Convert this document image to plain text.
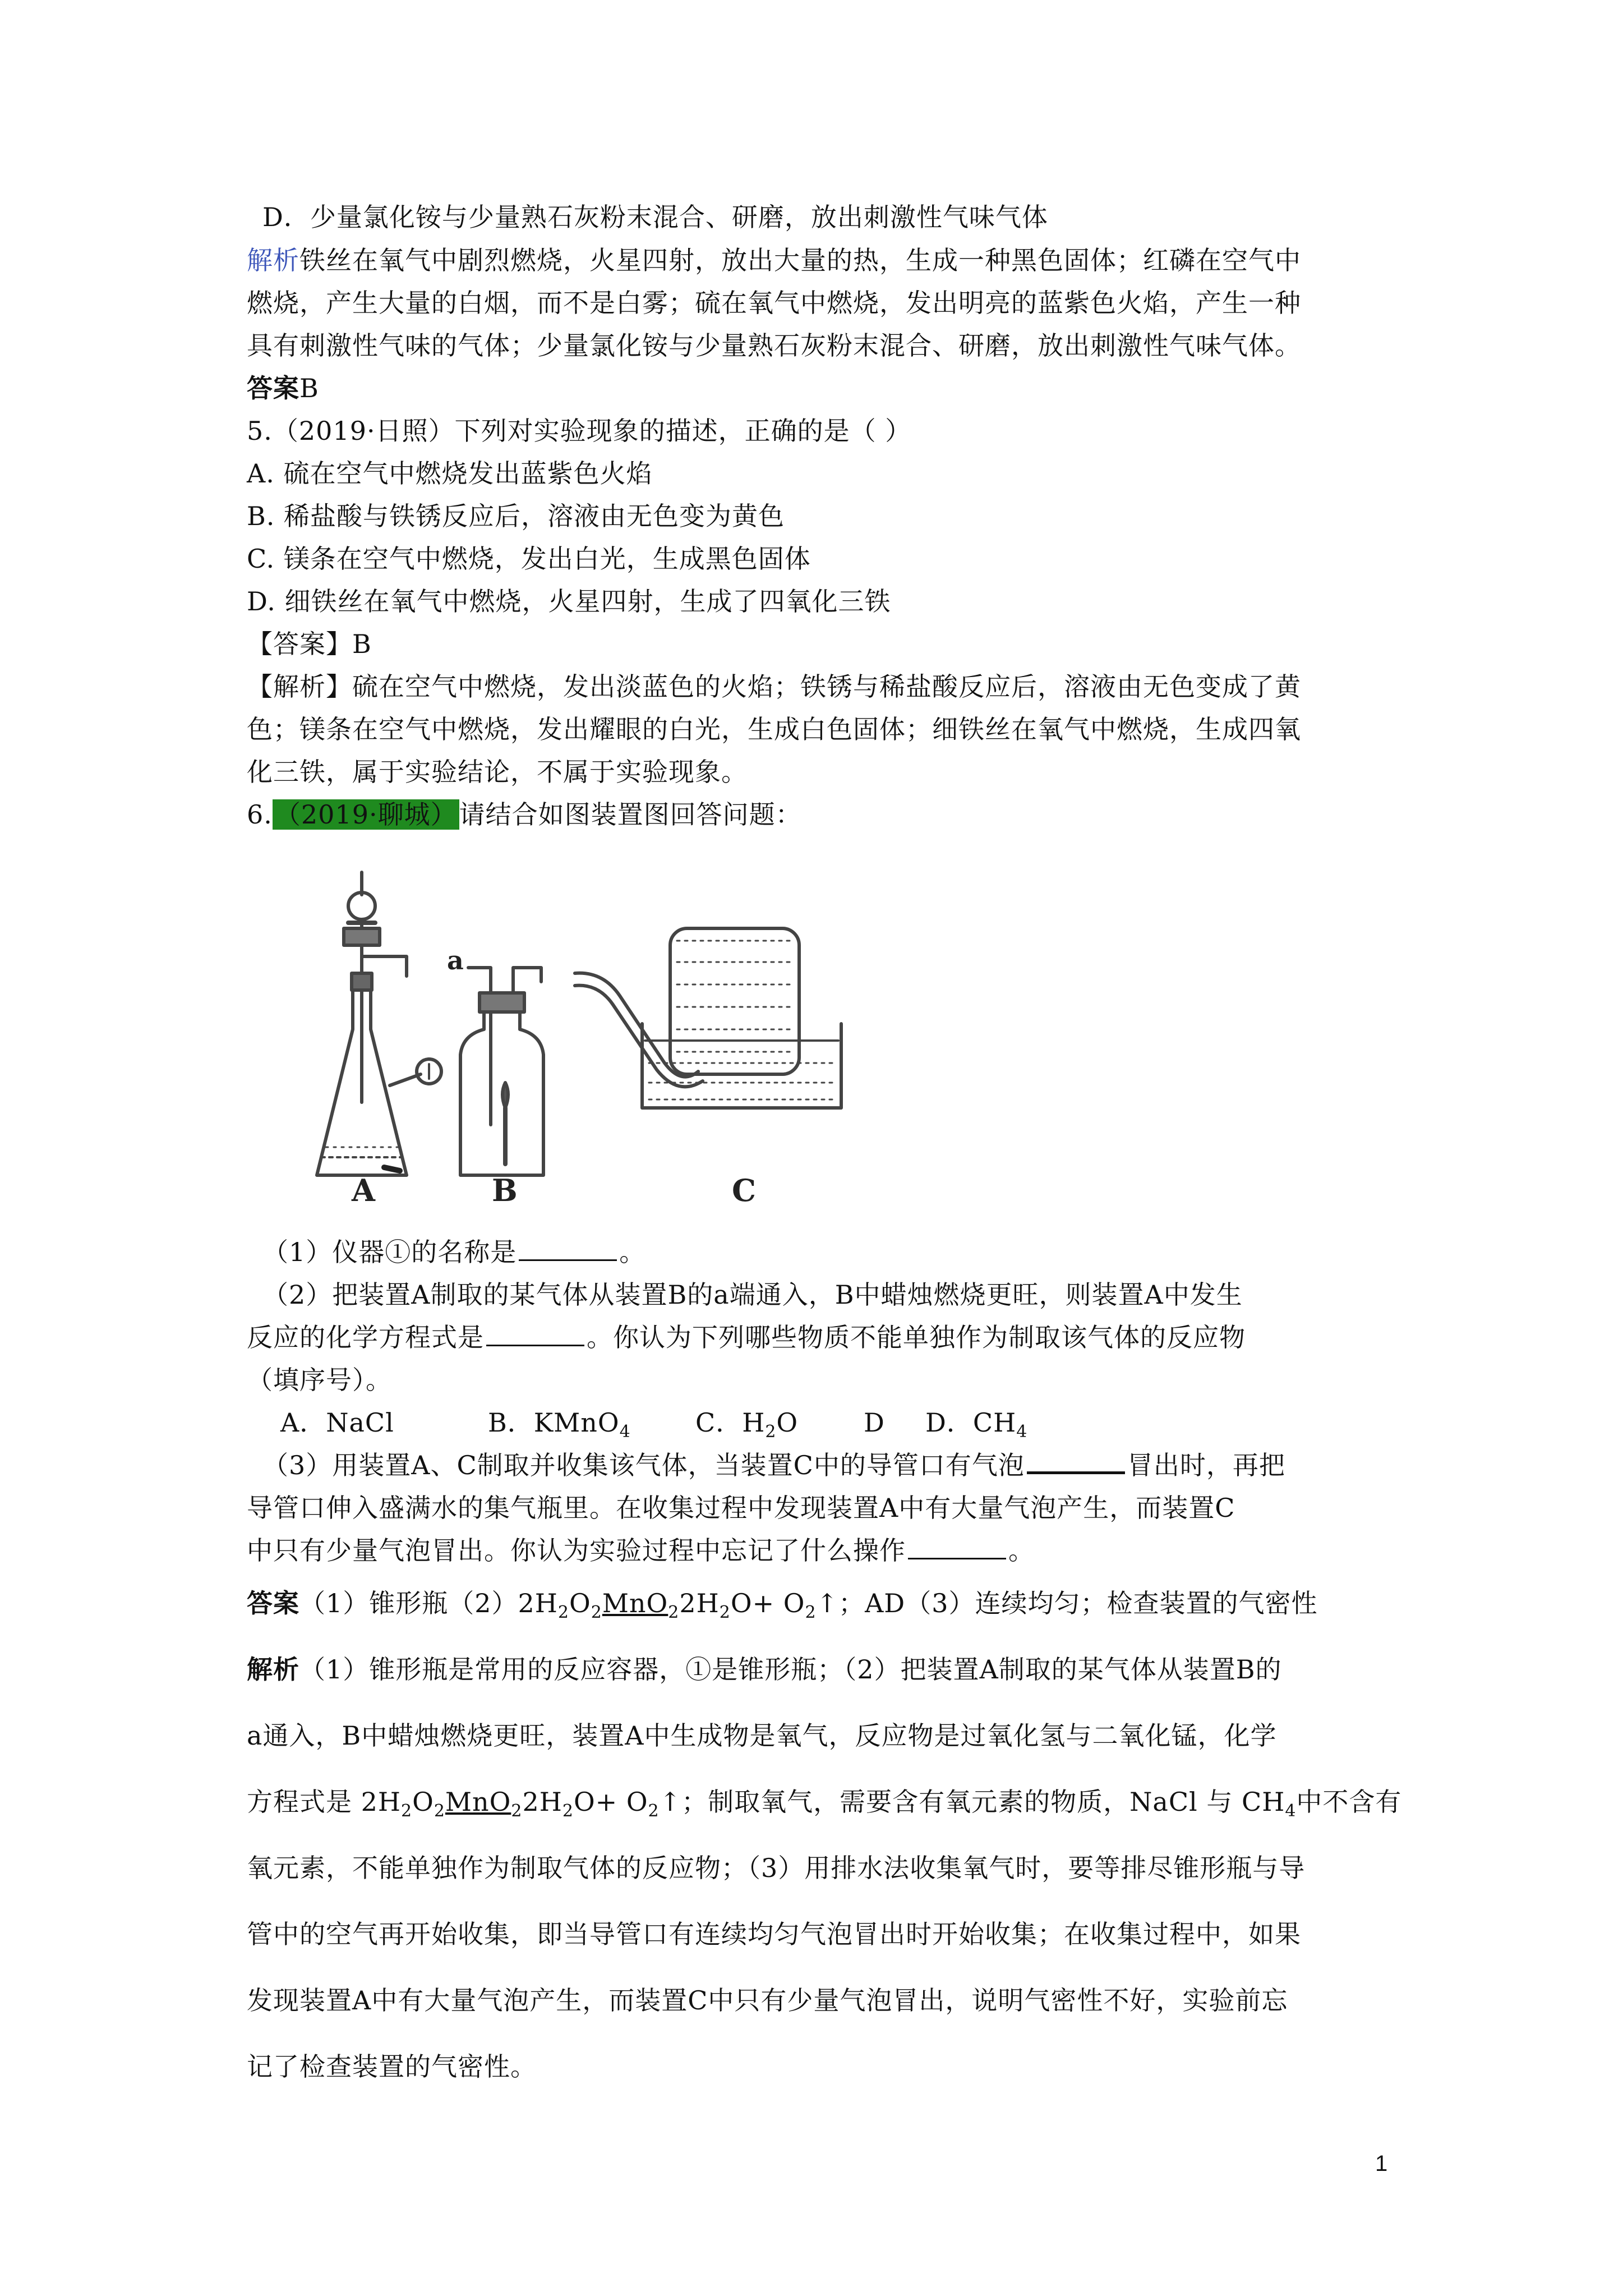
D．少量氯化铵与少量熟石灰粉末混合、研磨，放出刺激性气味气体
解析铁丝在氧气中剧烈燃烧，火星四射，放出大量的热，生成一种黑色固体；红磷在空气中
燃烧，产生大量的白烟，而不是白雾；硫在氧气中燃烧，发出明亮的蓝紫色火焰，产生一种
具有刺激性气味的气体；少量氯化铵与少量熟石灰粉末混合、研磨，放出刺激性气味气体。
答案B
5.（2019·日照）下列对实验现象的描述，正确的是（ ）
A. 硫在空气中燃烧发出蓝紫色火焰
B. 稀盐酸与铁锈反应后，溶液由无色变为黄色
C. 镁条在空气中燃烧，发出白光，生成黑色固体
D. 细铁丝在氧气中燃烧，火星四射，生成了四氧化三铁
【答案】B
【解析】硫在空气中燃烧，发出淡蓝色的火焰；铁锈与稀盐酸反应后，溶液由无色变成了黄
色；镁条在空气中燃烧，发出耀眼的白光，生成白色固体；细铁丝在氧气中燃烧，生成四氧
化三铁，属于实验结论，不属于实验现象。
6.（2019·聊城）请结合如图装置图回答问题：
A	B	C
a
（1）仪器①的名称是	。
（2）把装置A制取的某气体从装置B的a端通入，B中蜡烛燃烧更旺，则装置A中发生
反应的化学方程式是	。你认为下列哪些物质不能单独作为制取该气体的反应物
（填序号）。
A．NaCl	B．KMnO$_4$	C．$H_2O$	D D．$CH_4$
（3）用装置A、C制取并收集该气体，当装置C中的导管口有气泡	冒出时，再把
导管口伸入盛满水的集气瓶里。在收集过程中发现装置A中有大量气泡产生，而装置C
中只有少量气泡冒出。你认为实验过程中忘记了什么操作	。
答案（1）锥形瓶$(2)2H_2O_2MnO_22H_2O+$ $O_2↑$；AD（3）连续均匀；检查装置的气密性
解析（1）锥形瓶是常用的反应容器，①是锥形瓶；（2）把装置A制取的某气体从装置B的
a通入，B中蜡烛燃烧更旺，装置A中生成物是氧气，反应物是过氧化氢与二氧化锰，化学
方程式是 $2H_2O_2MnO_22H_2O+$ $O_2↑$；制取氧气，需要含有氧元素的物质，NaCl 与 $CH_4$中不含有
氧元素，不能单独作为制取气体的反应物；（3）用排水法收集氧气时，要等排尽锥形瓶与导
管中的空气再开始收集，即当导管口有连续均匀气泡冒出时开始收集；在收集过程中，如果
发现装置A中有大量气泡产生，而装置C中只有少量气泡冒出，说明气密性不好，实验前忘
记了检查装置的气密性。
1
